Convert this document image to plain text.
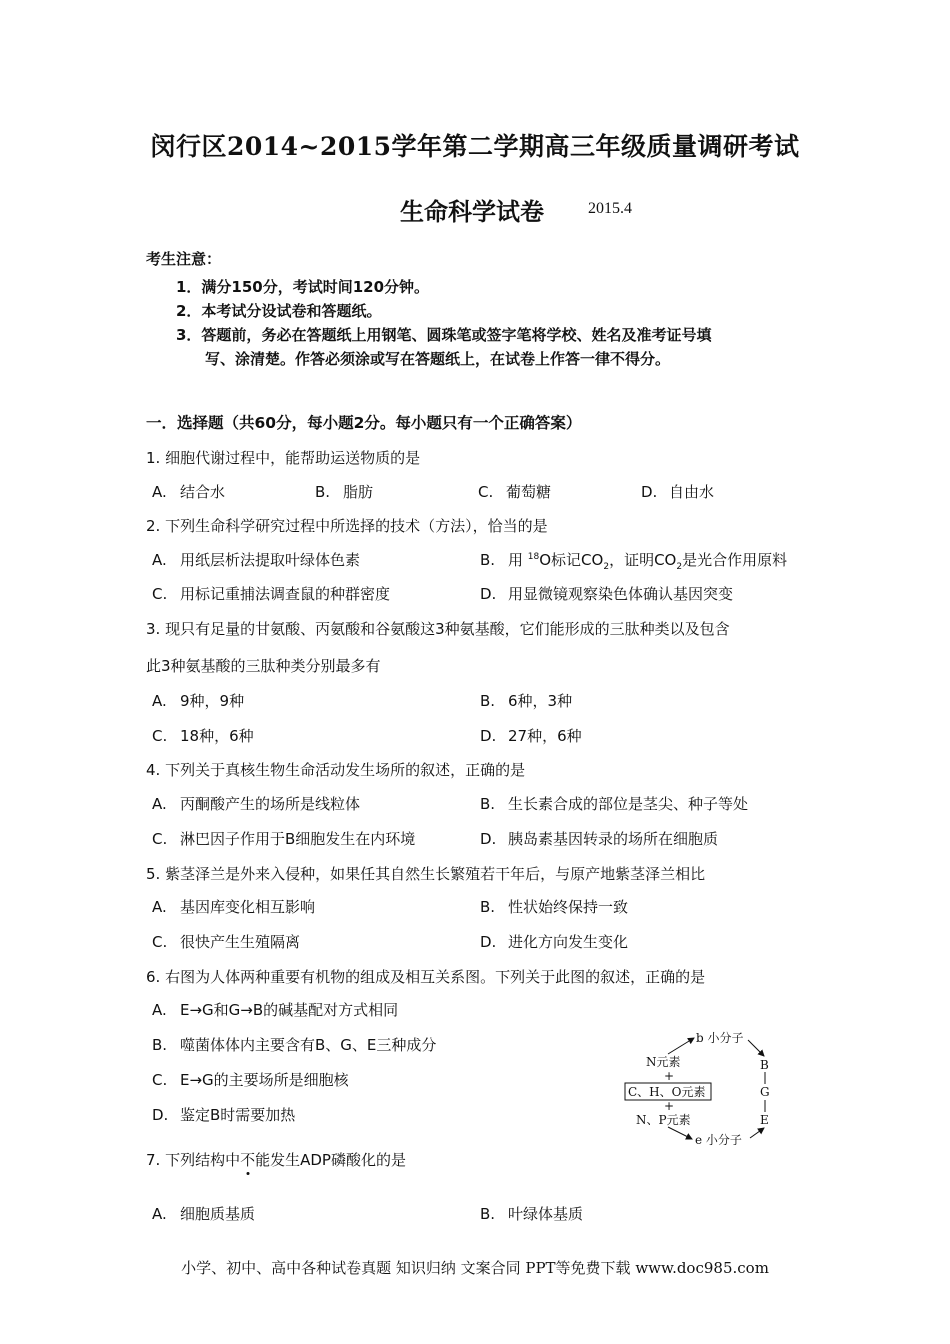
闵行区2014~2015学年第二学期高三年级质量调研考试
生命科学试卷	2015.4
考生注意：
1．满分150分，考试时间120分钟。
2．本考试分设试卷和答题纸。
3．答题前，务必在答题纸上用钢笔、圆珠笔或签字笔将学校、姓名及准考证号填
写、涂清楚。作答必须涂或写在答题纸上，在试卷上作答一律不得分。
一．选择题（共60分，每小题2分。每小题只有一个正确答案）
1. 细胞代谢过程中，能帮助运送物质的是
A. 结合水	B. 脂肪	C. 葡萄糖	D. 自由水
2. 下列生命科学研究过程中所选择的技术（方法），恰当的是
A. 用纸层析法提取叶绿体色素	B. 用 $^{18}$O标记$CO_2$，证明$CO_2$是光合作用原料
C. 用标记重捕法调查鼠的种群密度	D. 用显微镜观察染色体确认基因突变
3. 现只有足量的甘氨酸、丙氨酸和谷氨酸这3种氨基酸，它们能形成的三肽种类以及包含
此3种氨基酸的三肽种类分别最多有
A. 9种，9种	B. 6种，3种
C. 18种，6种	D. 27种，6种
4. 下列关于真核生物生命活动发生场所的叙述，正确的是
A. 丙酮酸产生的场所是线粒体	B. 生长素合成的部位是茎尖、种子等处
C. 淋巴因子作用于B细胞发生在内环境	D. 胰岛素基因转录的场所在细胞质
5. 紫茎泽兰是外来入侵种，如果任其自然生长繁殖若干年后，与原产地紫茎泽兰相比
A. 基因库变化相互影响	B. 性状始终保持一致
C. 很快产生生殖隔离	D. 进化方向发生变化
6. 右图为人体两种重要有机物的组成及相互关系图。下列关于此图的叙述，正确的是
A. E→G和G→B的碱基配对方式相同
B. 噬菌体体内主要含有B、G、E三种成分
C. E→G的主要场所是细胞核
D. 鉴定B时需要加热
b 小分子
N元素
+
C、H、O元素
+
N、P元素
e 小分子
B
G
E
7. 下列结构中不能发生ADP磷酸化的是
A. 细胞质基质	B. 叶绿体基质
小学、初中、高中各种试卷真题 知识归纳 文案合同 PPT等免费下载 www.doc985.com
